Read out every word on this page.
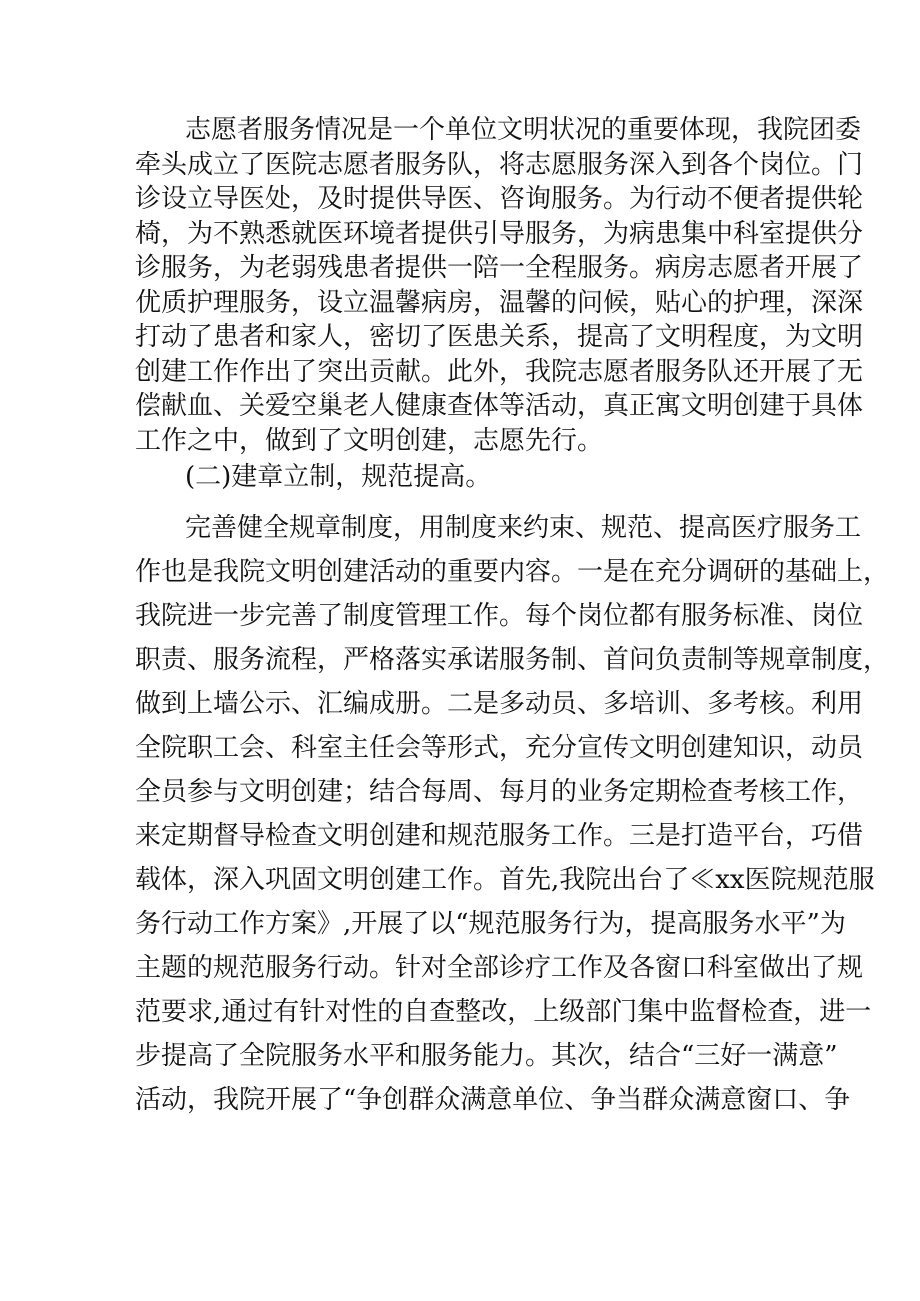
志愿者服务情况是一个单位文明状况的重要体现，我院团委
牵头成立了医院志愿者服务队，将志愿服务深入到各个岗位。门
诊设立导医处，及时提供导医、咨询服务。为行动不便者提供轮
椅，为不熟悉就医环境者提供引导服务，为病患集中科室提供分
诊服务，为老弱残患者提供一陪一全程服务。病房志愿者开展了
优质护理服务，设立温馨病房，温馨的问候，贴心的护理，深深
打动了患者和家人，密切了医患关系，提高了文明程度，为文明
创建工作作出了突出贡献。此外，我院志愿者服务队还开展了无
偿献血、关爱空巢老人健康查体等活动，真正寓文明创建于具体
工作之中，做到了文明创建，志愿先行。
(二)建章立制，规范提高。
完善健全规章制度，用制度来约束、规范、提高医疗服务工
作也是我院文明创建活动的重要内容。一是在充分调研的基础上，
我院进一步完善了制度管理工作。每个岗位都有服务标准、岗位
职责、服务流程，严格落实承诺服务制、首问负责制等规章制度，
做到上墙公示、汇编成册。二是多动员、多培训、多考核。利用
全院职工会、科室主任会等形式，充分宣传文明创建知识，动员
全员参与文明创建；结合每周、每月的业务定期检查考核工作，
来定期督导检查文明创建和规范服务工作。三是打造平台，巧借
载体，深入巩固文明创建工作。首先,我院出台了≪xx医院规范服
务行动工作方案》,开展了以“规范服务行为，提高服务水平”为
主题的规范服务行动。针对全部诊疗工作及各窗口科室做出了规
范要求,通过有针对性的自查整改，上级部门集中监督检查，进一
步提高了全院服务水平和服务能力。其次，结合“三好一满意”
活动，我院开展了“争创群众满意单位、争当群众满意窗口、争
